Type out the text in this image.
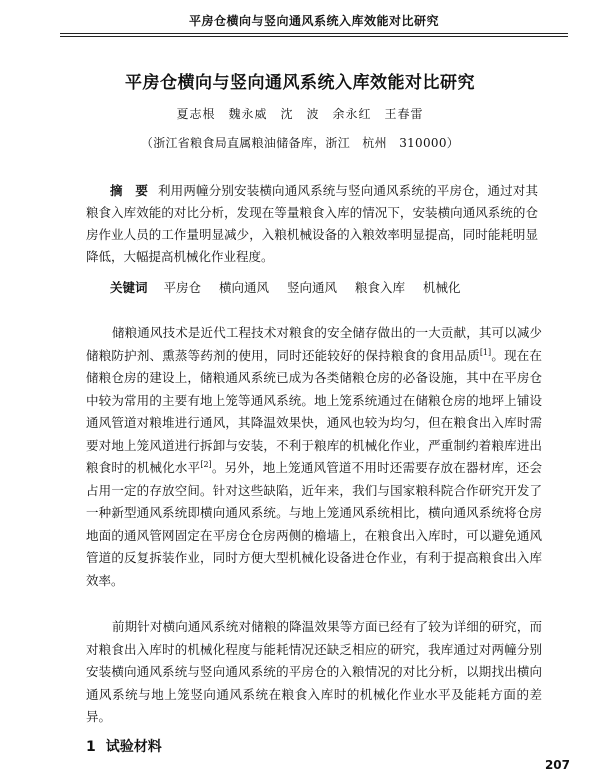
平房仓横向与竖向通风系统入库效能对比研究
平房仓横向与竖向通风系统入库效能对比研究
夏志根　魏永威　沈　波　余永红　王春雷
（浙江省粮食局直属粮油储备库，浙江　杭州　310000）
摘　要 利用两幢分别安装横向通风系统与竖向通风系统的平房仓，通过对其粮食入库效能的对比分析，发现在等量粮食入库的情况下，安装横向通风系统的仓房作业人员的工作量明显减少，入粮机械设备的入粮效率明显提高，同时能耗明显降低，大幅提高机械化作业程度。
关键词 平房仓 横向通风 竖向通风 粮食入库 机械化
储粮通风技术是近代工程技术对粮食的安全储存做出的一大贡献，其可以减少储粮防护剂、熏蒸等药剂的使用，同时还能较好的保持粮食的食用品质[1]。现在在储粮仓房的建设上，储粮通风系统已成为各类储粮仓房的必备设施，其中在平房仓中较为常用的主要有地上笼等通风系统。地上笼系统通过在储粮仓房的地坪上铺设通风管道对粮堆进行通风，其降温效果快，通风也较为均匀，但在粮食出入库时需要对地上笼风道进行拆卸与安装，不利于粮库的机械化作业，严重制约着粮库进出粮食时的机械化水平[2]。另外，地上笼通风管道不用时还需要存放在器材库，还会占用一定的存放空间。针对这些缺陷，近年来，我们与国家粮科院合作研究开发了一种新型通风系统即横向通风系统。与地上笼通风系统相比，横向通风系统将仓房地面的通风管网固定在平房仓仓房两侧的檐墙上，在粮食出入库时，可以避免通风管道的反复拆装作业，同时方便大型机械化设备进仓作业，有利于提高粮食出入库效率。
前期针对横向通风系统对储粮的降温效果等方面已经有了较为详细的研究，而对粮食出入库时的机械化程度与能耗情况还缺乏相应的研究，我库通过对两幢分别安装横向通风系统与竖向通风系统的平房仓的入粮情况的对比分析，以期找出横向通风系统与地上笼竖向通风系统在粮食入库时的机械化作业水平及能耗方面的差异。
1 试验材料
207
